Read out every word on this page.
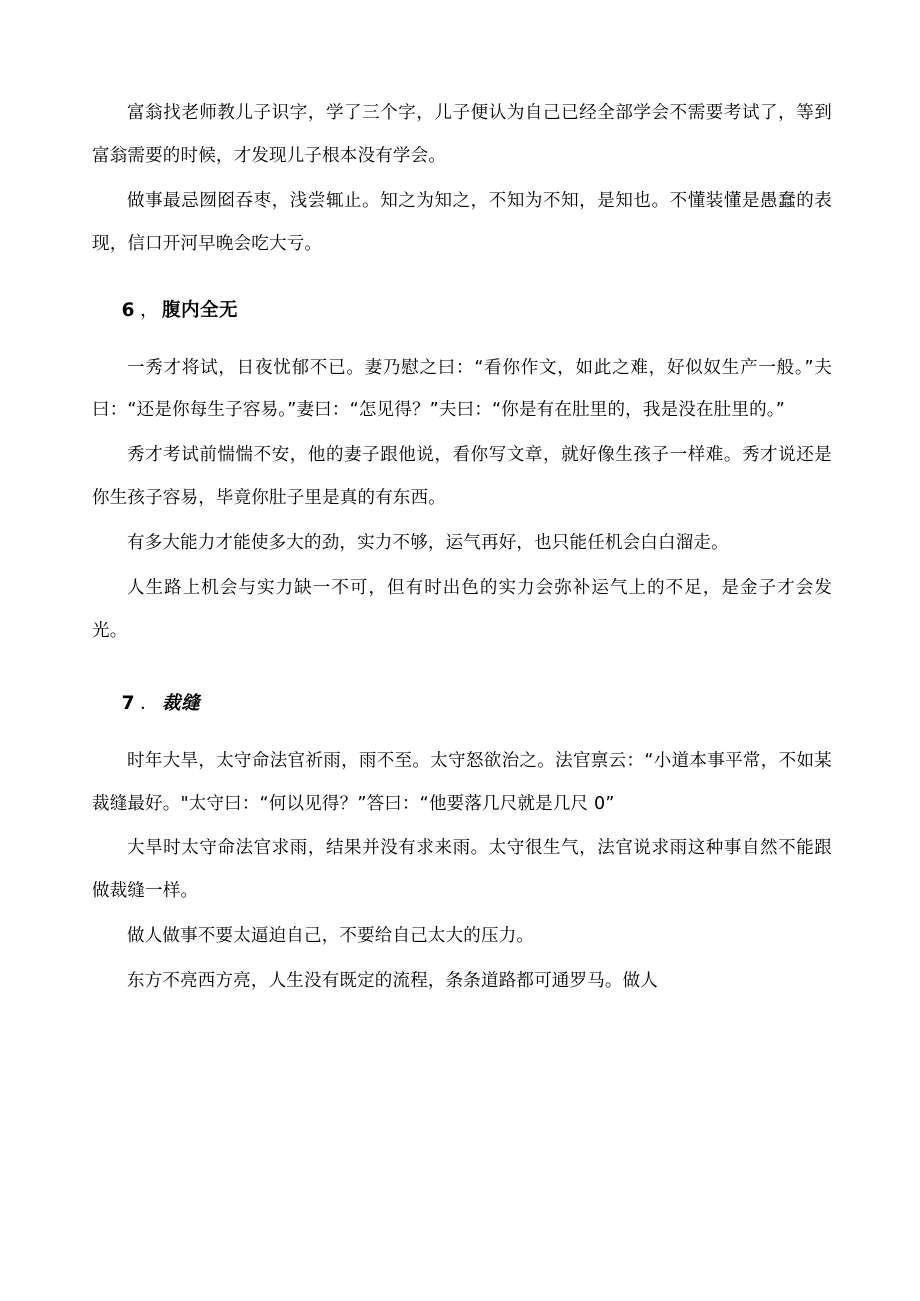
富翁找老师教儿子识字，学了三个字，儿子便认为自己已经全部学会不需要考试了，等到富翁需要的时候，才发现儿子根本没有学会。

做事最忌囫囵吞枣，浅尝辄止。知之为知之，不知为不知，是知也。不懂装懂是愚蠢的表现，信口开河早晚会吃大亏。

6 ， 腹内全无

一秀才将试，日夜忧郁不已。妻乃慰之曰：“看你作文，如此之难，好似奴生产一般。”夫曰：“还是你每生子容易。”妻曰：“怎见得？”夫曰：“你是有在肚里的，我是没在肚里的。”

秀才考试前惴惴不安，他的妻子跟他说，看你写文章，就好像生孩子一样难。秀才说还是你生孩子容易，毕竟你肚子里是真的有东西。

有多大能力才能使多大的劲，实力不够，运气再好，也只能任机会白白溜走。

人生路上机会与实力缺一不可，但有时出色的实力会弥补运气上的不足，是金子才会发光。

7 ． 裁缝

时年大旱，太守命法官祈雨，雨不至。太守怒欲治之。法官禀云：“小道本事平常，不如某裁缝最好。"太守曰：“何以见得？”答曰：“他要落几尺就是几尺 0”

大旱时太守命法官求雨，结果并没有求来雨。太守很生气，法官说求雨这种事自然不能跟做裁缝一样。

做人做事不要太逼迫自己，不要给自己太大的压力。

东方不亮西方亮，人生没有既定的流程，条条道路都可通罗马。做人
